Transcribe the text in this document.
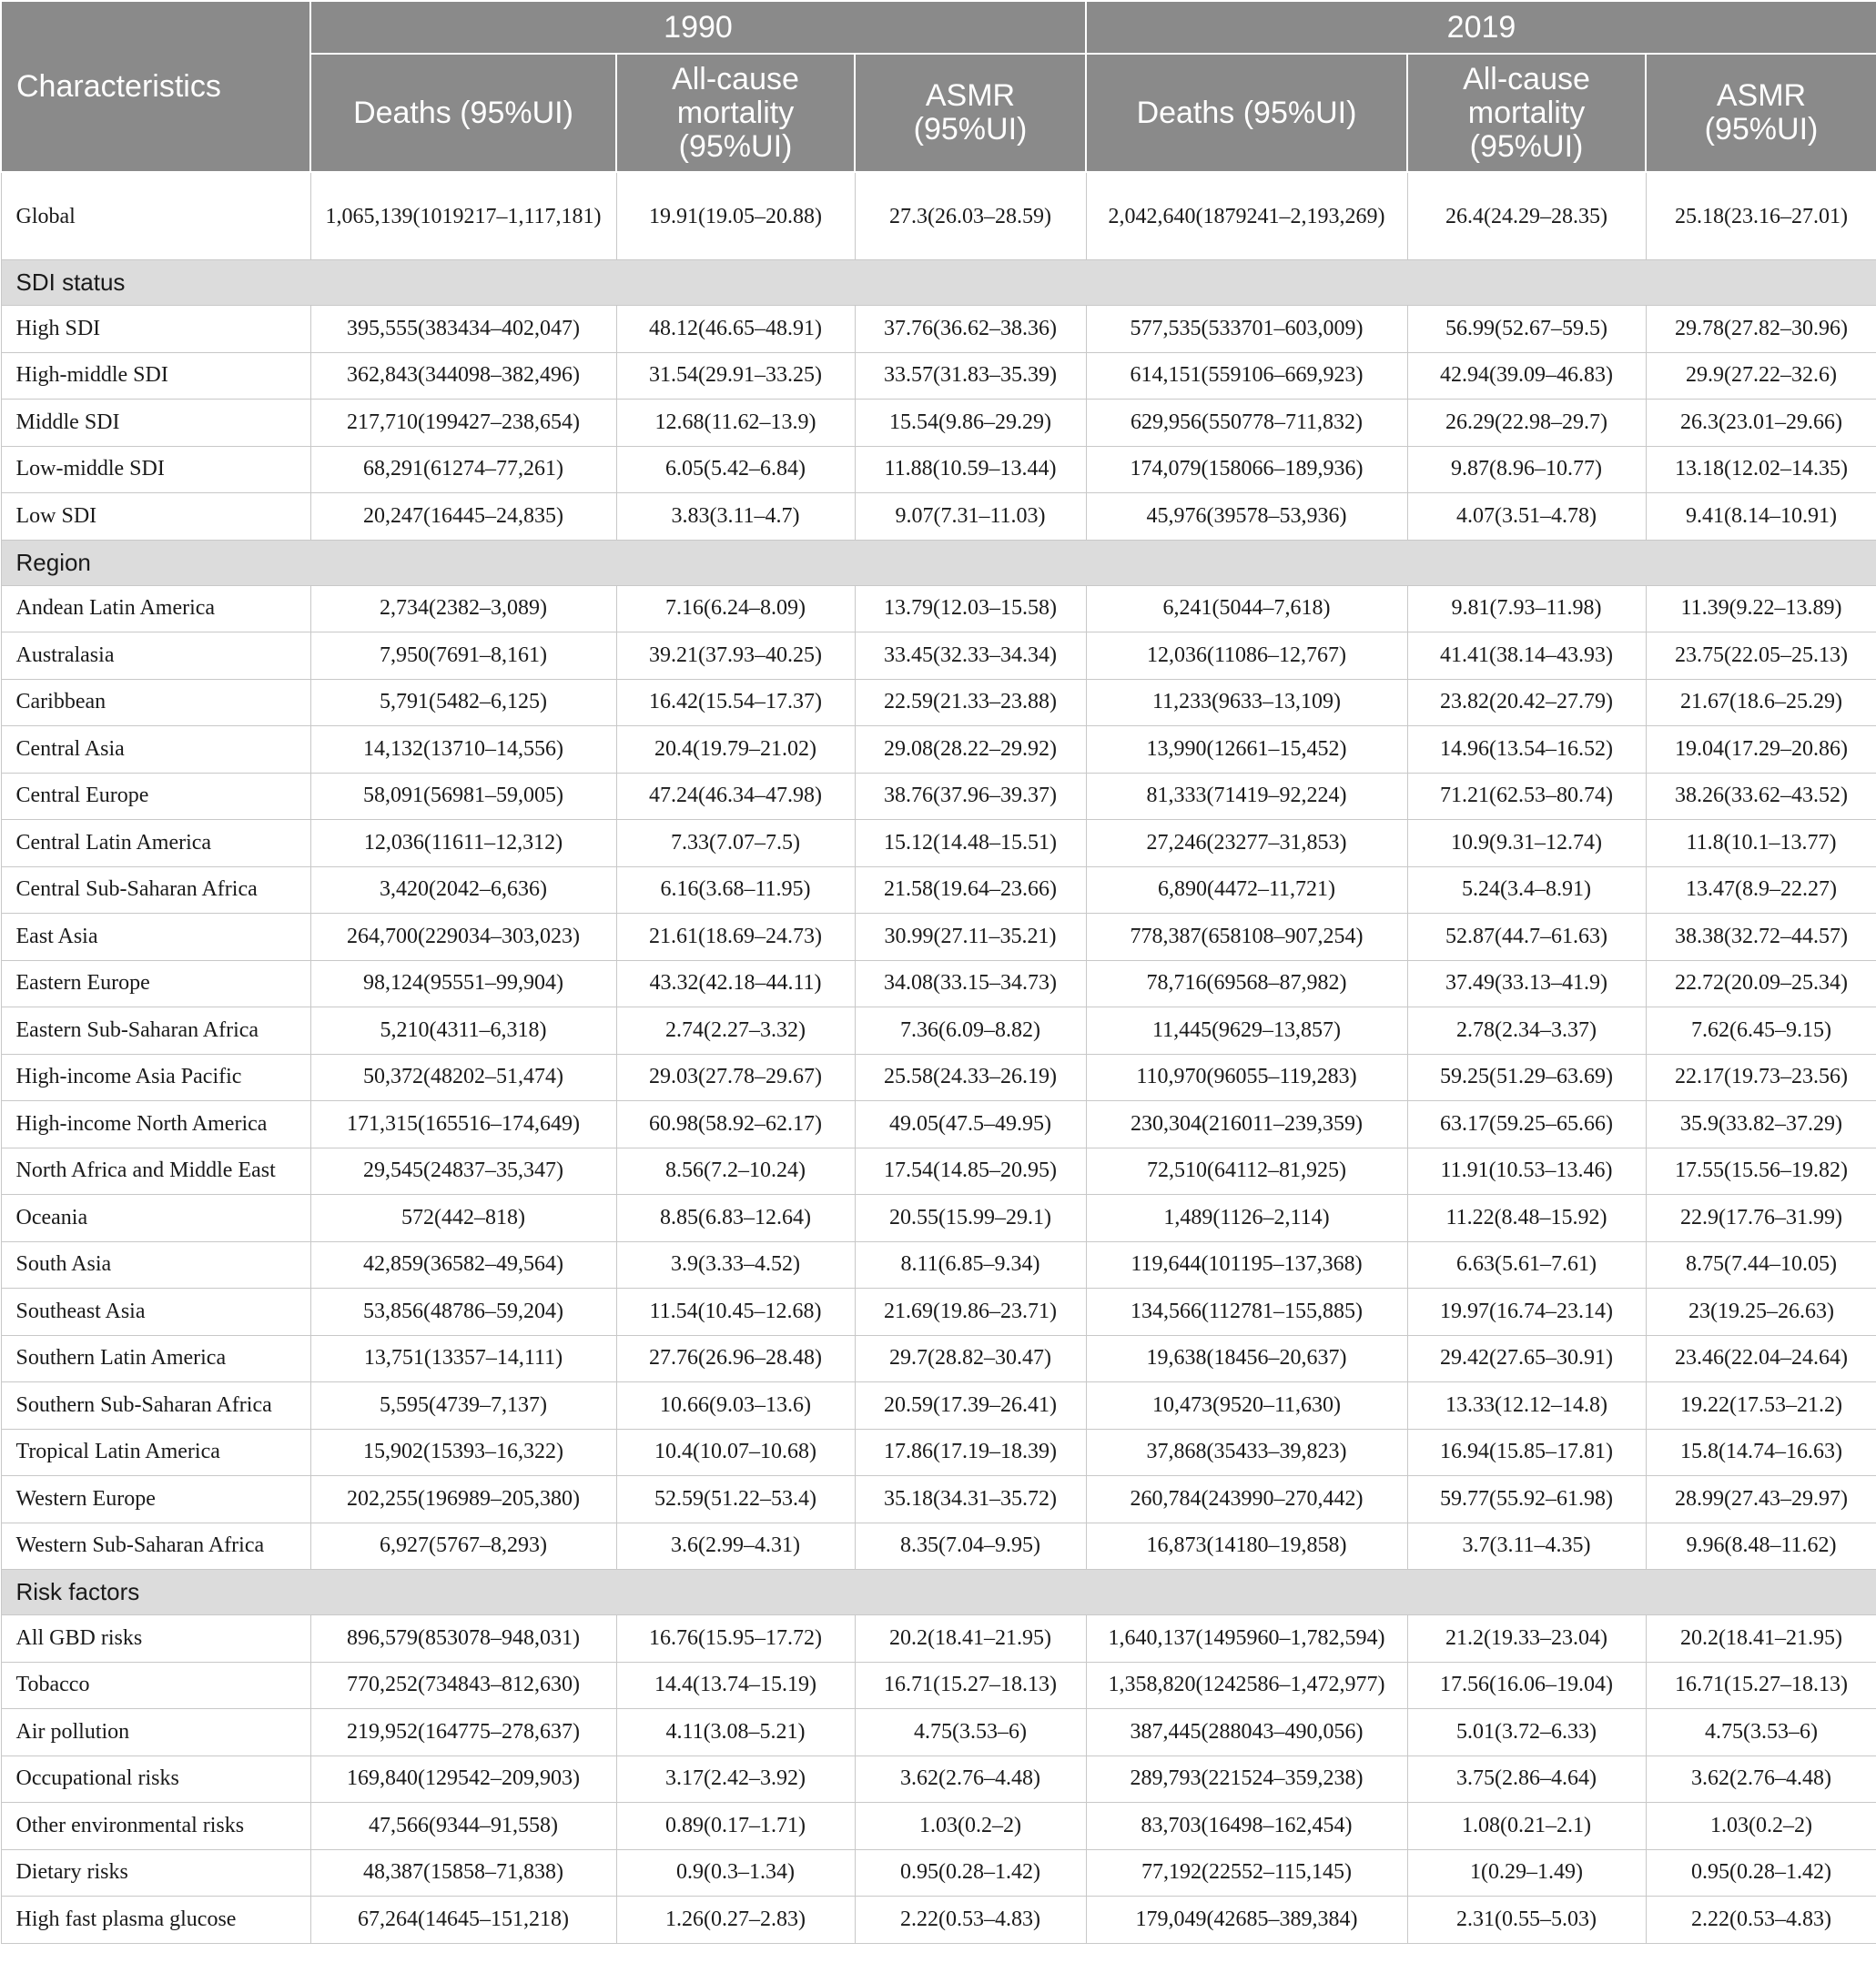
Characteristics	1990			2019		
	Deaths (95%UI)	All-cause mortality (95%UI)	ASMR (95%UI)	Deaths (95%UI)	All-cause mortality (95%UI)	ASMR (95%UI)
Global	1,065,139(1019217–1,117,181)	19.91(19.05–20.88)	27.3(26.03–28.59)	2,042,640(1879241–2,193,269)	26.4(24.29–28.35)	25.18(23.16–27.01)
SDI status						
High SDI	395,555(383434–402,047)	48.12(46.65–48.91)	37.76(36.62–38.36)	577,535(533701–603,009)	56.99(52.67–59.5)	29.78(27.82–30.96)
High-middle SDI	362,843(344098–382,496)	31.54(29.91–33.25)	33.57(31.83–35.39)	614,151(559106–669,923)	42.94(39.09–46.83)	29.9(27.22–32.6)
Middle SDI	217,710(199427–238,654)	12.68(11.62–13.9)	15.54(9.86–29.29)	629,956(550778–711,832)	26.29(22.98–29.7)	26.3(23.01–29.66)
Low-middle SDI	68,291(61274–77,261)	6.05(5.42–6.84)	11.88(10.59–13.44)	174,079(158066–189,936)	9.87(8.96–10.77)	13.18(12.02–14.35)
Low SDI	20,247(16445–24,835)	3.83(3.11–4.7)	9.07(7.31–11.03)	45,976(39578–53,936)	4.07(3.51–4.78)	9.41(8.14–10.91)
Region						
Andean Latin America	2,734(2382–3,089)	7.16(6.24–8.09)	13.79(12.03–15.58)	6,241(5044–7,618)	9.81(7.93–11.98)	11.39(9.22–13.89)
Australasia	7,950(7691–8,161)	39.21(37.93–40.25)	33.45(32.33–34.34)	12,036(11086–12,767)	41.41(38.14–43.93)	23.75(22.05–25.13)
Caribbean	5,791(5482–6,125)	16.42(15.54–17.37)	22.59(21.33–23.88)	11,233(9633–13,109)	23.82(20.42–27.79)	21.67(18.6–25.29)
Central Asia	14,132(13710–14,556)	20.4(19.79–21.02)	29.08(28.22–29.92)	13,990(12661–15,452)	14.96(13.54–16.52)	19.04(17.29–20.86)
Central Europe	58,091(56981–59,005)	47.24(46.34–47.98)	38.76(37.96–39.37)	81,333(71419–92,224)	71.21(62.53–80.74)	38.26(33.62–43.52)
Central Latin America	12,036(11611–12,312)	7.33(7.07–7.5)	15.12(14.48–15.51)	27,246(23277–31,853)	10.9(9.31–12.74)	11.8(10.1–13.77)
Central Sub-Saharan Africa	3,420(2042–6,636)	6.16(3.68–11.95)	21.58(19.64–23.66)	6,890(4472–11,721)	5.24(3.4–8.91)	13.47(8.9–22.27)
East Asia	264,700(229034–303,023)	21.61(18.69–24.73)	30.99(27.11–35.21)	778,387(658108–907,254)	52.87(44.7–61.63)	38.38(32.72–44.57)
Eastern Europe	98,124(95551–99,904)	43.32(42.18–44.11)	34.08(33.15–34.73)	78,716(69568–87,982)	37.49(33.13–41.9)	22.72(20.09–25.34)
Eastern Sub-Saharan Africa	5,210(4311–6,318)	2.74(2.27–3.32)	7.36(6.09–8.82)	11,445(9629–13,857)	2.78(2.34–3.37)	7.62(6.45–9.15)
High-income Asia Pacific	50,372(48202–51,474)	29.03(27.78–29.67)	25.58(24.33–26.19)	110,970(96055–119,283)	59.25(51.29–63.69)	22.17(19.73–23.56)
High-income North America	171,315(165516–174,649)	60.98(58.92–62.17)	49.05(47.5–49.95)	230,304(216011–239,359)	63.17(59.25–65.66)	35.9(33.82–37.29)
North Africa and Middle East	29,545(24837–35,347)	8.56(7.2–10.24)	17.54(14.85–20.95)	72,510(64112–81,925)	11.91(10.53–13.46)	17.55(15.56–19.82)
Oceania	572(442–818)	8.85(6.83–12.64)	20.55(15.99–29.1)	1,489(1126–2,114)	11.22(8.48–15.92)	22.9(17.76–31.99)
South Asia	42,859(36582–49,564)	3.9(3.33–4.52)	8.11(6.85–9.34)	119,644(101195–137,368)	6.63(5.61–7.61)	8.75(7.44–10.05)
Southeast Asia	53,856(48786–59,204)	11.54(10.45–12.68)	21.69(19.86–23.71)	134,566(112781–155,885)	19.97(16.74–23.14)	23(19.25–26.63)
Southern Latin America	13,751(13357–14,111)	27.76(26.96–28.48)	29.7(28.82–30.47)	19,638(18456–20,637)	29.42(27.65–30.91)	23.46(22.04–24.64)
Southern Sub-Saharan Africa	5,595(4739–7,137)	10.66(9.03–13.6)	20.59(17.39–26.41)	10,473(9520–11,630)	13.33(12.12–14.8)	19.22(17.53–21.2)
Tropical Latin America	15,902(15393–16,322)	10.4(10.07–10.68)	17.86(17.19–18.39)	37,868(35433–39,823)	16.94(15.85–17.81)	15.8(14.74–16.63)
Western Europe	202,255(196989–205,380)	52.59(51.22–53.4)	35.18(34.31–35.72)	260,784(243990–270,442)	59.77(55.92–61.98)	28.99(27.43–29.97)
Western Sub-Saharan Africa	6,927(5767–8,293)	3.6(2.99–4.31)	8.35(7.04–9.95)	16,873(14180–19,858)	3.7(3.11–4.35)	9.96(8.48–11.62)
Risk factors						
All GBD risks	896,579(853078–948,031)	16.76(15.95–17.72)	20.2(18.41–21.95)	1,640,137(1495960–1,782,594)	21.2(19.33–23.04)	20.2(18.41–21.95)
Tobacco	770,252(734843–812,630)	14.4(13.74–15.19)	16.71(15.27–18.13)	1,358,820(1242586–1,472,977)	17.56(16.06–19.04)	16.71(15.27–18.13)
Air pollution	219,952(164775–278,637)	4.11(3.08–5.21)	4.75(3.53–6)	387,445(288043–490,056)	5.01(3.72–6.33)	4.75(3.53–6)
Occupational risks	169,840(129542–209,903)	3.17(2.42–3.92)	3.62(2.76–4.48)	289,793(221524–359,238)	3.75(2.86–4.64)	3.62(2.76–4.48)
Other environmental risks	47,566(9344–91,558)	0.89(0.17–1.71)	1.03(0.2–2)	83,703(16498–162,454)	1.08(0.21–2.1)	1.03(0.2–2)
Dietary risks	48,387(15858–71,838)	0.9(0.3–1.34)	0.95(0.28–1.42)	77,192(22552–115,145)	1(0.29–1.49)	0.95(0.28–1.42)
High fast plasma glucose	67,264(14645–151,218)	1.26(0.27–2.83)	2.22(0.53–4.83)	179,049(42685–389,384)	2.31(0.55–5.03)	2.22(0.53–4.83)
